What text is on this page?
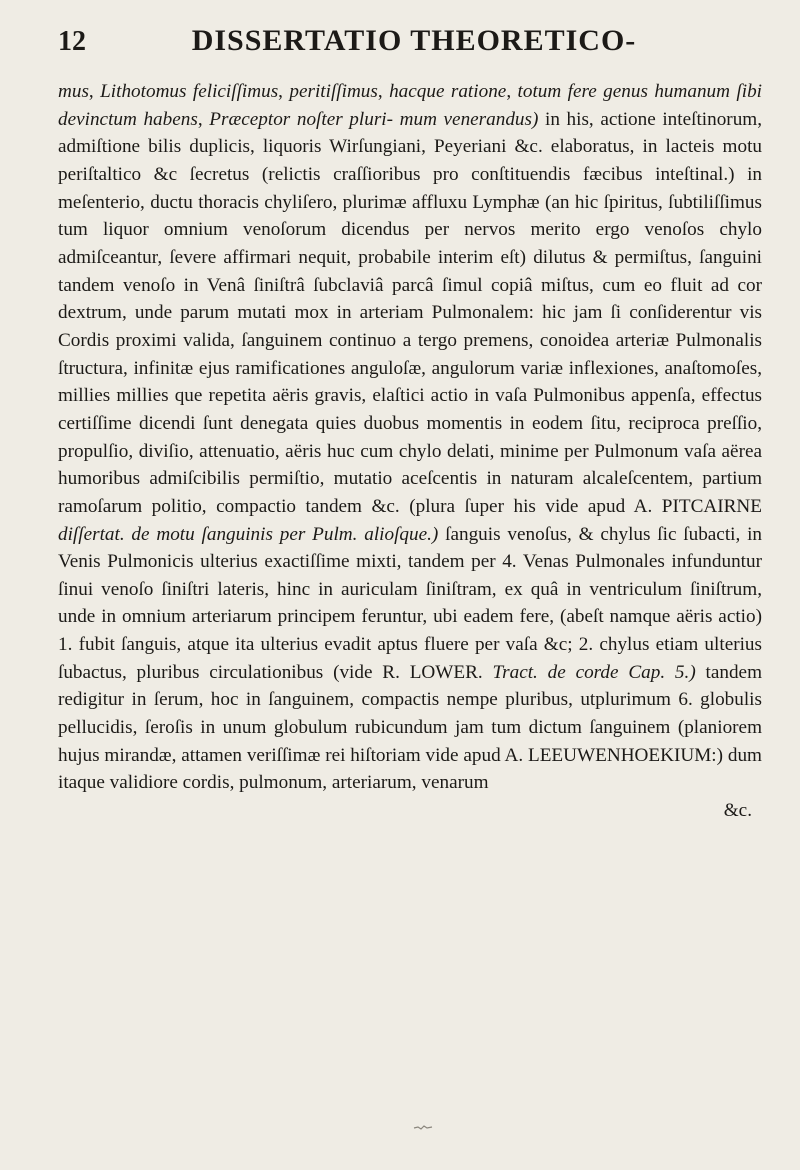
12	DISSERTATIO THEORETICO-
mus, Lithotomus feliciſſimus, peritiſſimus, hacque ratione, totum fere genus humanum ſibi devinctum habens, Præceptor noſter pluri- mum venerandus) in his, actione inteſtinorum, admiſtione bilis duplicis, liquoris Wirſungiani, Peyeriani &c. elaboratus, in lacteis motu periſtaltico &c ſecretus (relictis craſſioribus pro conſtituendis fæcibus inteſtinal.) in meſenterio, ductu thoracis chyliſero, plurimæ affluxu Lymphæ (an hic ſpiritus, ſubtiliſſimus tum liquor omnium venoſorum dicendus per nervos merito ergo venoſos chylo admiſceantur, ſevere affirmari nequit, probabile interim eſt) dilutus & permiſtus, ſanguini tandem venoſo in Venâ ſiniſtrâ ſubclaviâ parcâ ſimul copiâ miſtus, cum eo fluit ad cor dextrum, unde parum mutati mox in arteriam Pulmonalem: hic jam ſi conſiderentur vis Cordis proximi valida, ſanguinem continuo a tergo premens, conoidea arteriæ Pulmonalis ſtructura, infinitæ ejus ramificationes anguloſæ, angulorum variæ inflexiones, anaſtomoſes, millies millies que repetita aëris gravis, elaſtici actio in vaſa Pulmonibus appenſa, effectus certiſſime dicendi ſunt denegata quies duobus momentis in eodem ſitu, reciproca preſſio, propulſio, diviſio, attenuatio, aëris huc cum chylo delati, minime per Pulmonum vaſa aërea humoribus admiſcibilis permiſtio, mutatio aceſcentis in naturam alcaleſcentem, partium ramoſarum politio, compactio tandem &c. (plura ſuper his vide apud A. PITCAIRNE diſſertat. de motu ſanguinis per Pulm. alioſque.) ſanguis venoſus, & chylus ſic ſubacti, in Venis Pulmonicis ulterius exactiſſime mixti, tandem per 4. Venas Pulmonales infunduntur ſinui venoſo ſiniſtri lateris, hinc in auriculam ſiniſtram, ex quâ in ventriculum ſiniſtrum, unde in omnium arteriarum principem feruntur, ubi eadem fere, (abeſt namque aëris actio) 1. fubit ſanguis, atque ita ulterius evadit aptus fluere per vaſa &c; 2. chylus etiam ulterius ſubactus, pluribus circulationibus (vide R. LOWER. Tract. de corde Cap. 5.) tandem redigitur in ſerum, hoc in ſanguinem, compactis nempe pluribus, utplurimum 6. globulis pellucidis, ſeroſis in unum globulum rubicundum jam tum dictum ſanguinem (planiorem hujus mirandæ, attamen veriſſimæ rei hiſtoriam vide apud A. LEEUWENHOEKIUM:) dum itaque validiore cordis, pulmonum, arteriarum, venarum
&c.
